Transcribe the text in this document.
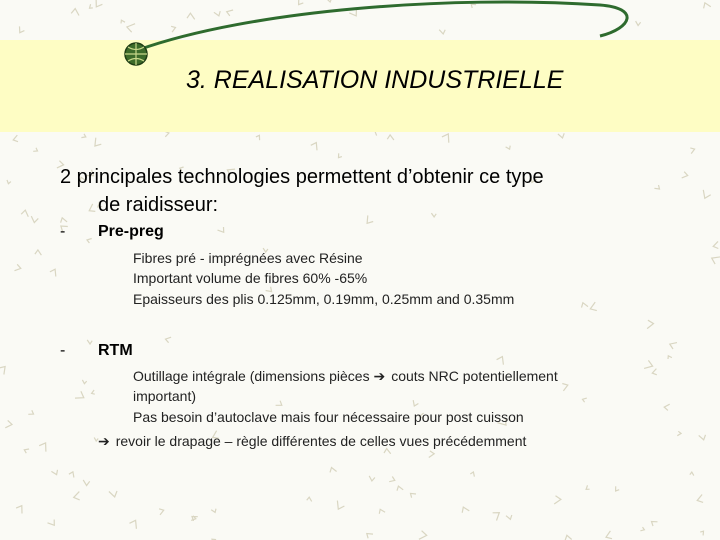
3. REALISATION INDUSTRIELLE
2 principales technologies permettent d’obtenir ce type
de raidisseur:
- Pre-preg
Fibres pré - imprégnées avec Résine
Important volume de fibres 60% -65%
Epaisseurs des plis 0.125mm, 0.19mm, 0.25mm and 0.35mm
- RTM
Outillage intégrale (dimensions pièces ➔ couts NRC potentiellement
important)
Pas besoin d’autoclave mais four nécessaire pour post cuisson
➔ revoir le drapage – règle différentes de celles vues précédemment
